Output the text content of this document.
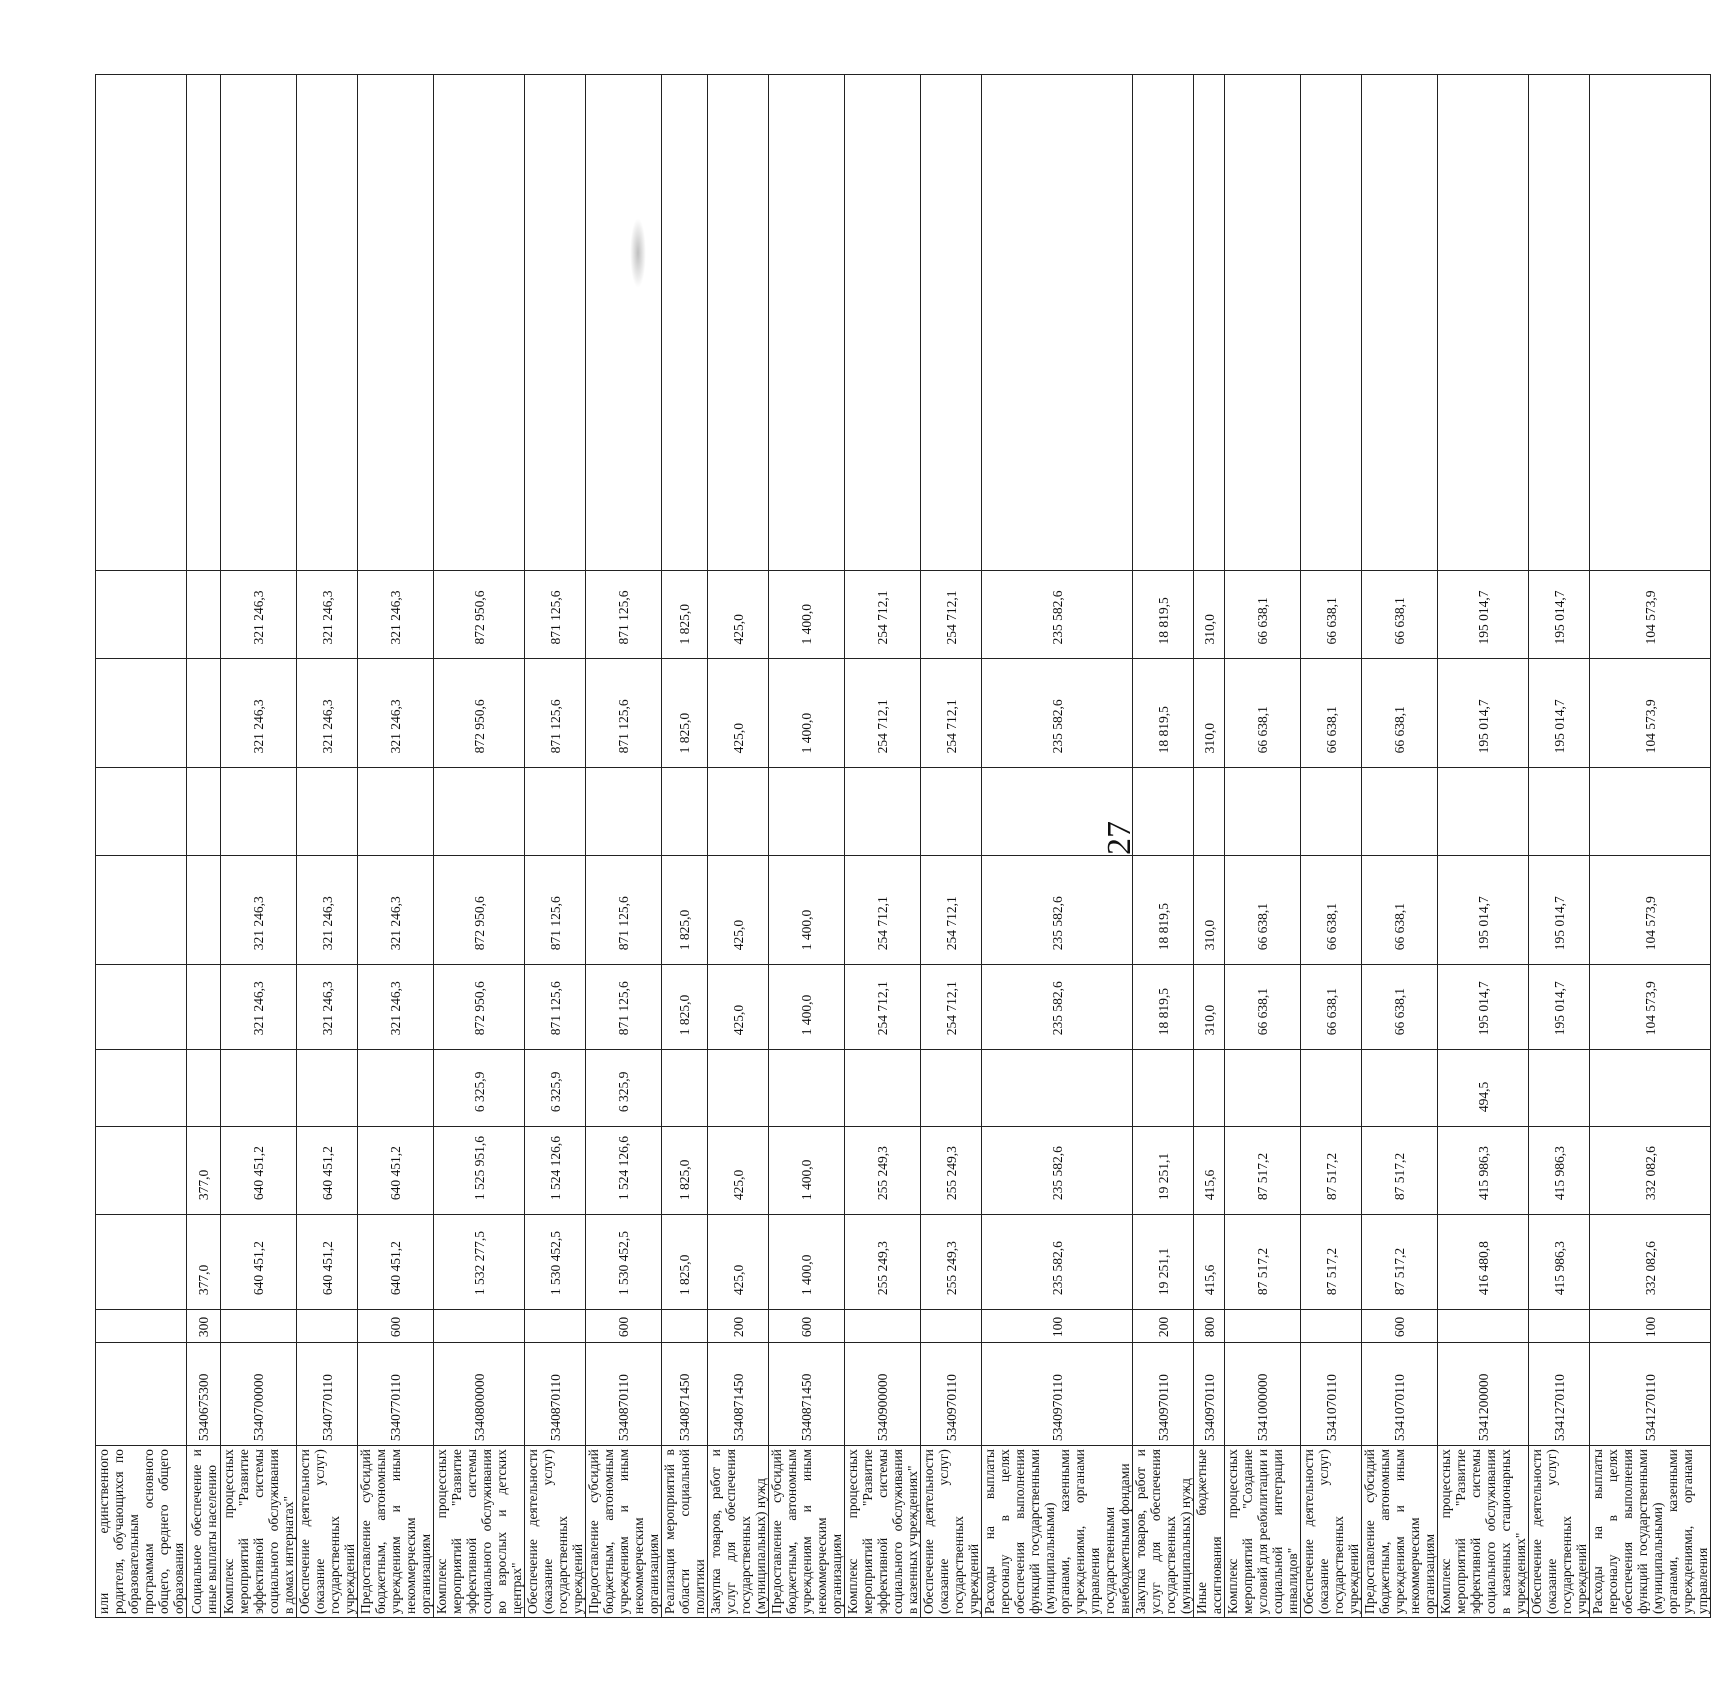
27
или единственного родителя, обучающихся по образовательным программам основного общего, среднего общего образования											
Социальное обеспечение и иные выплаты населению	5340675300	300	377,0	377,0							
Комплекс процессных мероприятий "Развитие эффективной системы социального обслуживания в домах интернатах"	5340700000		640 451,2	640 451,2		321 246,3	321 246,3		321 246,3	321 246,3	
Обеспечение деятельности (оказание услуг) государственных учреждений	5340770110		640 451,2	640 451,2		321 246,3	321 246,3		321 246,3	321 246,3	
Предоставление субсидий бюджетным, автономным учреждениям и иным некоммерческим организациям	5340770110	600	640 451,2	640 451,2		321 246,3	321 246,3		321 246,3	321 246,3	
Комплекс процессных мероприятий "Развитие эффективной системы социального обслуживания во взрослых и детских центрах"	5340800000		1 532 277,5	1 525 951,6	6 325,9	872 950,6	872 950,6		872 950,6	872 950,6	
Обеспечение деятельности (оказание услуг) государственных учреждений	5340870110		1 530 452,5	1 524 126,6	6 325,9	871 125,6	871 125,6		871 125,6	871 125,6	
Предоставление субсидий бюджетным, автономным учреждениям и иным некоммерческим организациям	5340870110	600	1 530 452,5	1 524 126,6	6 325,9	871 125,6	871 125,6		871 125,6	871 125,6	
Реализация мероприятий в области социальной политики	5340871450		1 825,0	1 825,0		1 825,0	1 825,0		1 825,0	1 825,0	
Закупка товаров, работ и услуг для обеспечения государственных (муниципальных) нужд	5340871450	200	425,0	425,0		425,0	425,0		425,0	425,0	
Предоставление субсидий бюджетным, автономным учреждениям и иным некоммерческим организациям	5340871450	600	1 400,0	1 400,0		1 400,0	1 400,0		1 400,0	1 400,0	
Комплекс процессных мероприятий "Развитие эффективной системы социального обслуживания в казенных учреждениях"	5340900000		255 249,3	255 249,3		254 712,1	254 712,1		254 712,1	254 712,1	
Обеспечение деятельности (оказание услуг) государственных учреждений	5340970110		255 249,3	255 249,3		254 712,1	254 712,1		254 712,1	254 712,1	
Расходы на выплаты персоналу в целях обеспечения выполнения функций государственными (муниципальными) органами, казенными учреждениями, органами управления государственными внебюджетными фондами	5340970110	100	235 582,6	235 582,6		235 582,6	235 582,6		235 582,6	235 582,6	
Закупка товаров, работ и услуг для обеспечения государственных (муниципальных) нужд	5340970110	200	19 251,1	19 251,1		18 819,5	18 819,5		18 819,5	18 819,5	
Иные бюджетные ассигнования	5340970110	800	415,6	415,6		310,0	310,0		310,0	310,0	
Комплекс процессных мероприятий "Создание условий для реабилитации и социальной интеграции инвалидов"	5341000000		87 517,2	87 517,2		66 638,1	66 638,1		66 638,1	66 638,1	
Обеспечение деятельности (оказание услуг) государственных учреждений	5341070110		87 517,2	87 517,2		66 638,1	66 638,1		66 638,1	66 638,1	
Предоставление субсидий бюджетным, автономным учреждениям и иным некоммерческим организациям	5341070110	600	87 517,2	87 517,2		66 638,1	66 638,1		66 638,1	66 638,1	
Комплекс процессных мероприятий "Развитие эффективной системы социального обслуживания в казенных стационарных учреждениях"	5341200000		416 480,8	415 986,3	494,5	195 014,7	195 014,7		195 014,7	195 014,7	
Обеспечение деятельности (оказание услуг) государственных учреждений	5341270110		415 986,3	415 986,3		195 014,7	195 014,7		195 014,7	195 014,7	
Расходы на выплаты персоналу в целях обеспечения выполнения функций государственными (муниципальными) органами, казенными учреждениями, органами управления	5341270110	100	332 082,6	332 082,6		104 573,9	104 573,9		104 573,9	104 573,9	
